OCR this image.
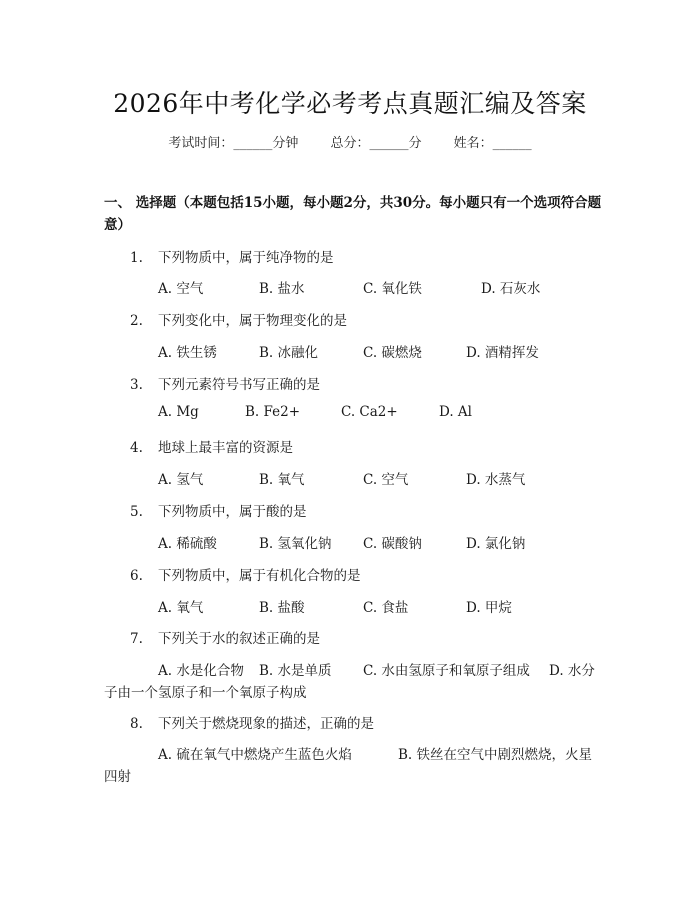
2026年中考化学必考考点真题汇编及答案
考试时间：______分钟 总分：______分 姓名：______
一、 选择题（本题包括15小题，每小题2分，共30分。每小题只有一个选项符合题意）
1. 下列物质中，属于纯净物的是
A. 空气	B. 盐水	C. 氧化铁	D. 石灰水
2. 下列变化中，属于物理变化的是
A. 铁生锈	B. 冰融化	C. 碳燃烧	D. 酒精挥发
3. 下列元素符号书写正确的是
A. Mg	B. Fe2+	C. Ca2+	D. Al
4. 地球上最丰富的资源是
A. 氢气	B. 氧气	C. 空气	D. 水蒸气
5. 下列物质中，属于酸的是
A. 稀硫酸	B. 氢氧化钠 C. 碳酸钠	D. 氯化钠
6. 下列物质中，属于有机化合物的是
A. 氧气	B. 盐酸	C. 食盐	D. 甲烷
7. 下列关于水的叙述正确的是
A. 水是化合物 B. 水是单质 C. 水由氢原子和氧原子组成 D. 水分
子由一个氢原子和一个氧原子构成
8. 下列关于燃烧现象的描述，正确的是
A. 硫在氧气中燃烧产生蓝色火焰	B. 铁丝在空气中剧烈燃烧，火星
四射
